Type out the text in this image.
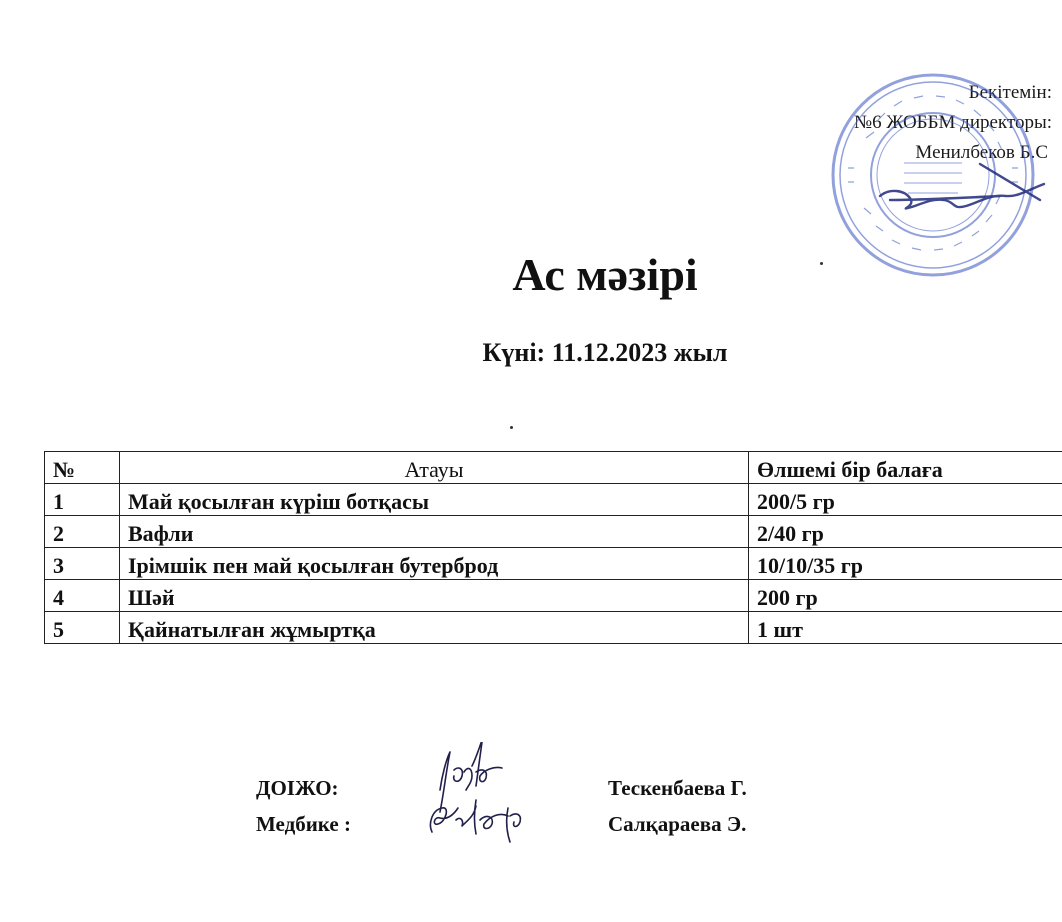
Бекітемін:
№6 ЖОББМ директоры:
Менилбеков Б.С
Ас мәзірі
Күні: 11.12.2023 жыл
№	Атауы	Өлшемі бір балаға
1	Май қосылған күріш ботқасы	200/5 гр
2	Вафли	2/40 гр
3	Ірімшік пен май қосылған бутерброд	10/10/35 гр
4	Шәй	200 гр
5	Қайнатылған жұмыртқа	1 шт
ДОІЖО:	Тескенбаева Г.
Медбике :	Салқараева Э.
